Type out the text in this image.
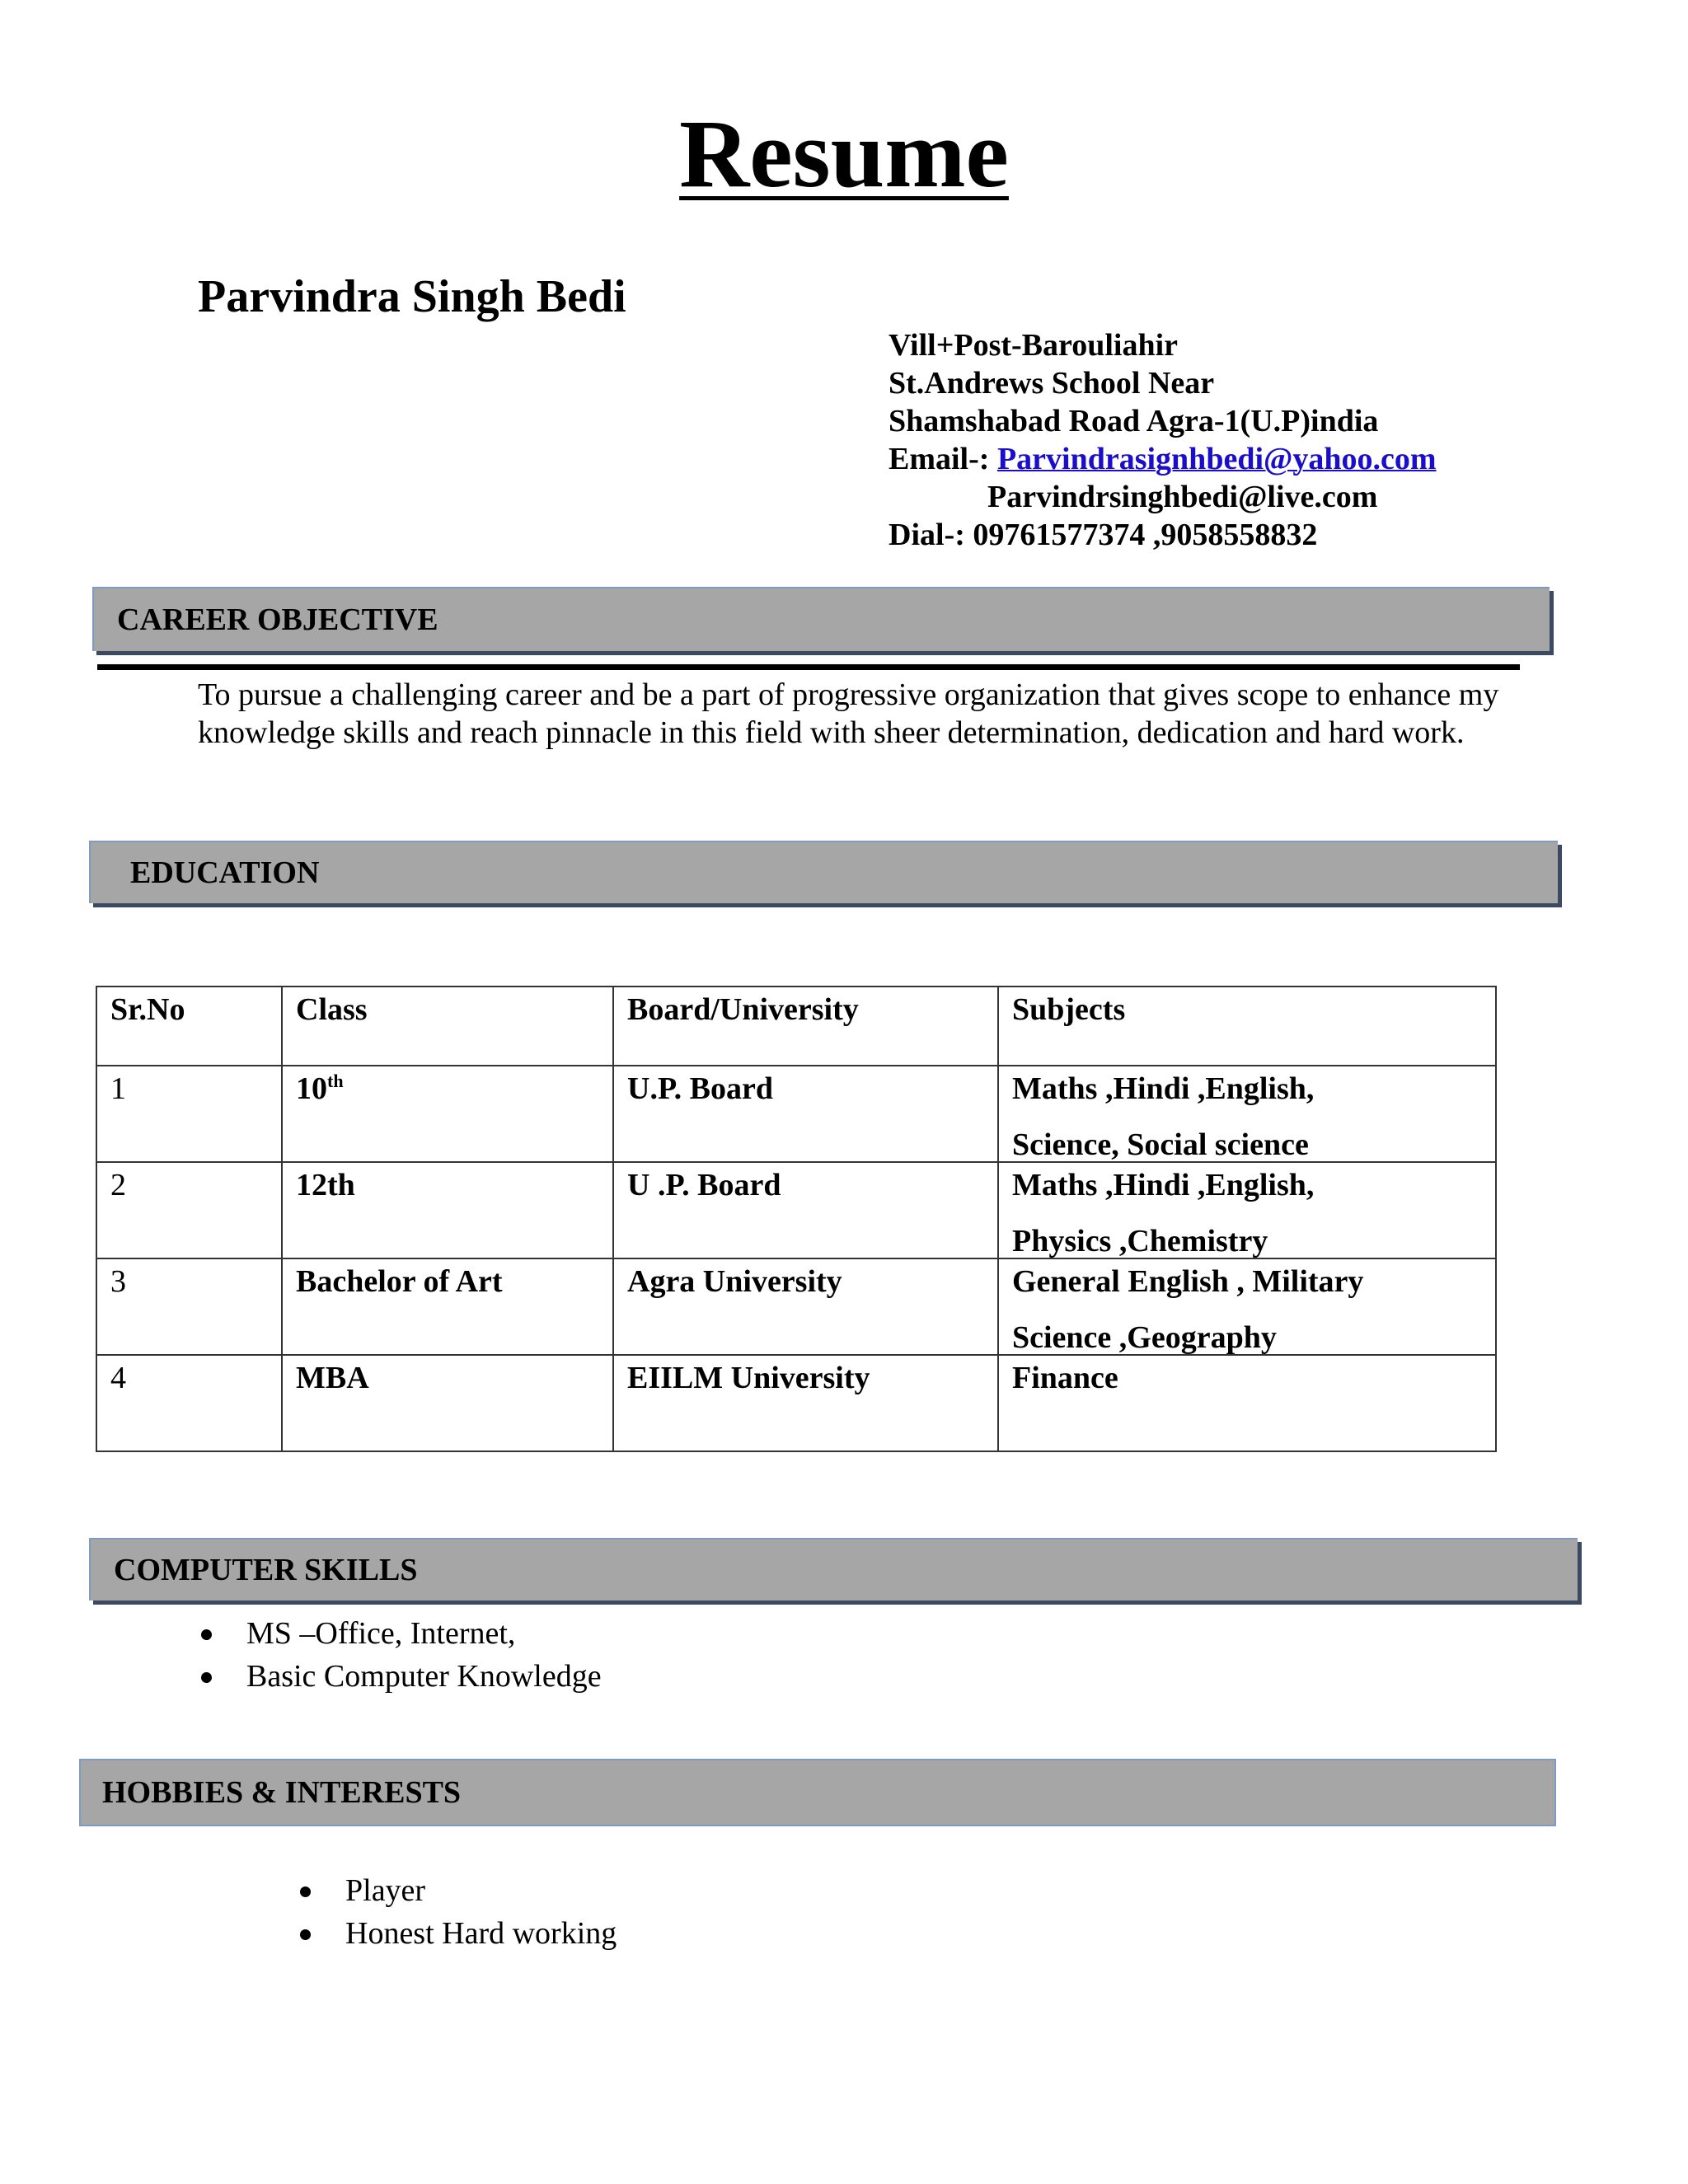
Resume
Parvindra Singh Bedi
Vill+Post-Barouliahir
St.Andrews School Near
Shamshabad Road Agra-1(U.P)india
Email-: Parvindrasignhbedi@yahoo.com
Parvindrsinghbedi@live.com
Dial-: 09761577374 ,9058558832
CAREER OBJECTIVE
To pursue a challenging career and be a part of progressive organization that gives scope to enhance my knowledge skills and reach pinnacle in this field with sheer determination, dedication and hard work.
EDUCATION
Sr.No	Class	Board/University	Subjects
1	10th	U.P. Board	Maths ,Hindi ,English,
Science, Social science

2	12th	U .P. Board	Maths ,Hindi ,English,
Physics ,Chemistry

3	Bachelor of Art	Agra University	General English , Military
Science ,Geography

4	MBA	EIILM University	Finance
COMPUTER SKILLS
MS –Office, Internet,
Basic Computer Knowledge
HOBBIES & INTERESTS
Player
Honest Hard working
